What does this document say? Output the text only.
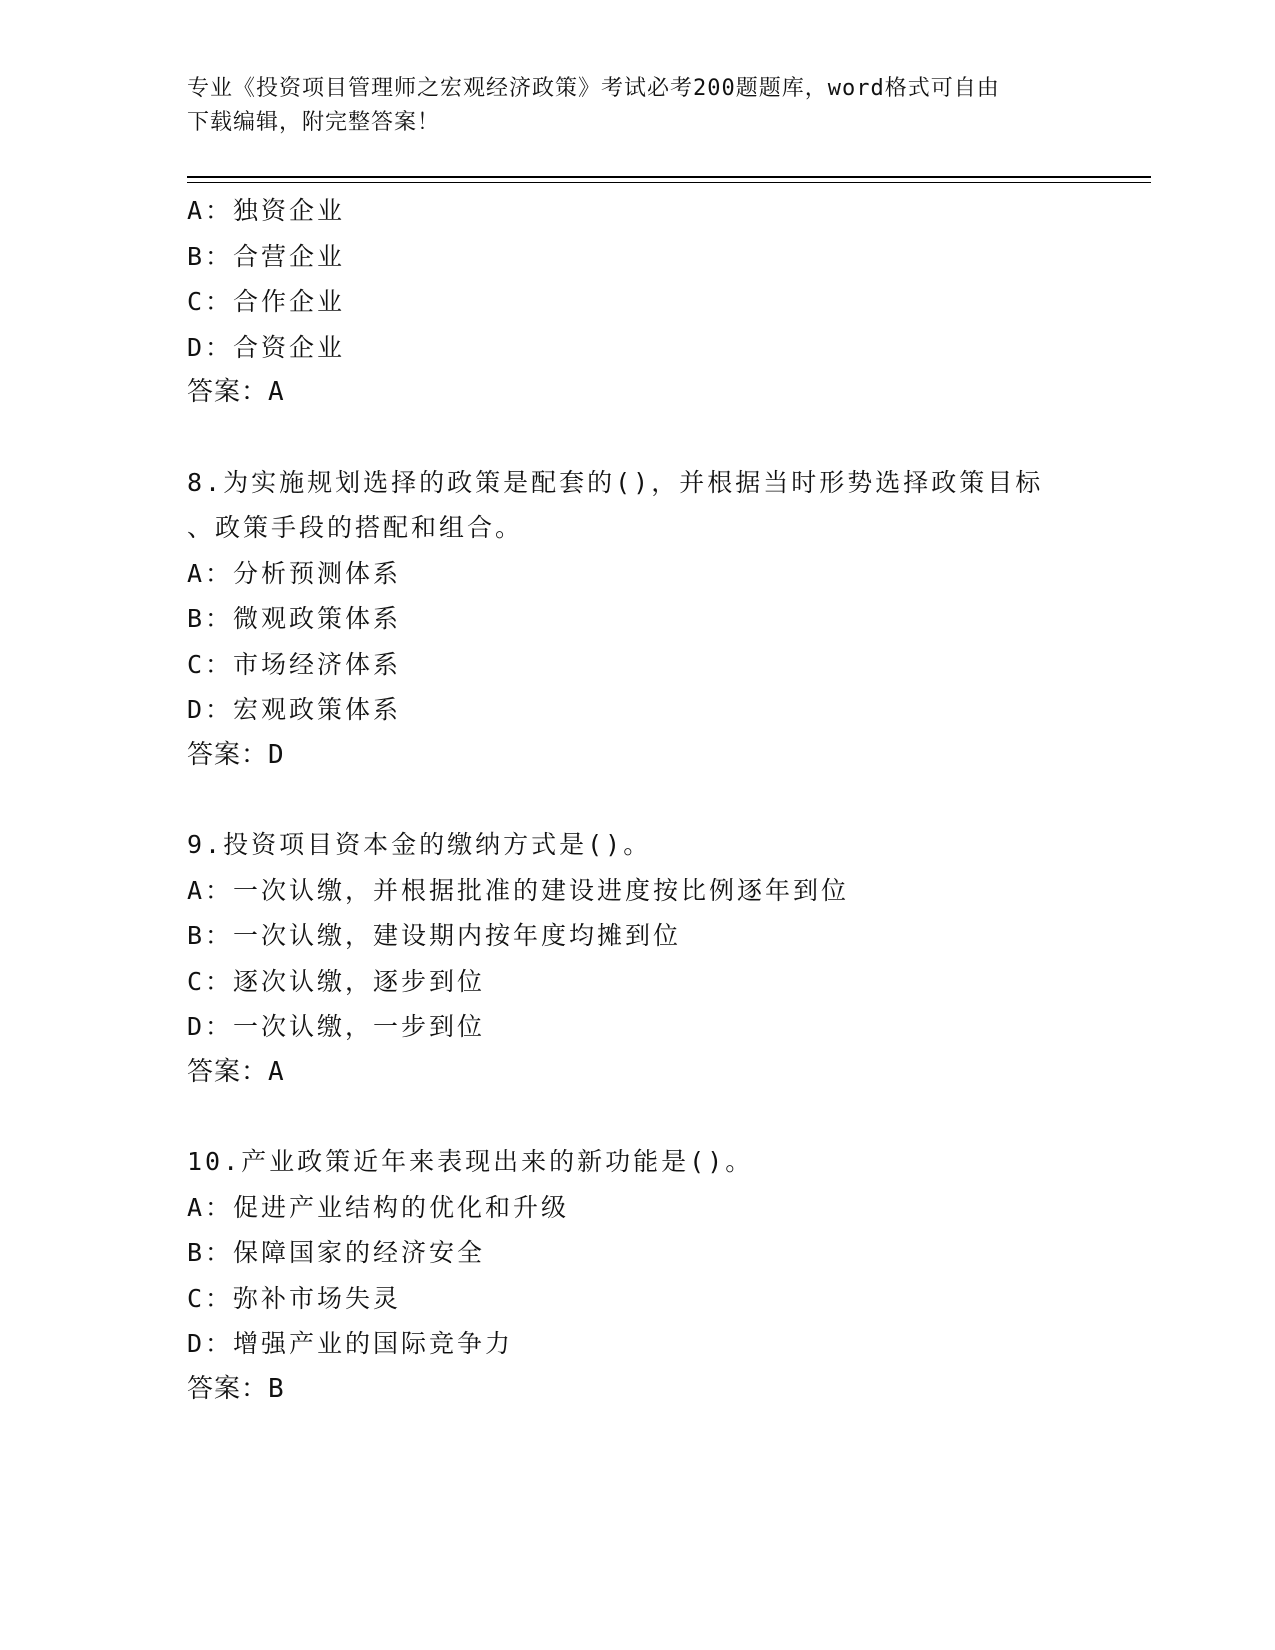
专业《投资项目管理师之宏观经济政策》考试必考200题题库，word格式可自由
下载编辑，附完整答案！
A：独资企业
B：合营企业
C：合作企业
D：合资企业
答案：A
8.为实施规划选择的政策是配套的()，并根据当时形势选择政策目标
、政策手段的搭配和组合。
A：分析预测体系
B：微观政策体系
C：市场经济体系
D：宏观政策体系
答案：D
9.投资项目资本金的缴纳方式是()。
A：一次认缴，并根据批准的建设进度按比例逐年到位
B：一次认缴，建设期内按年度均摊到位
C：逐次认缴，逐步到位
D：一次认缴，一步到位
答案：A
10.产业政策近年来表现出来的新功能是()。
A：促进产业结构的优化和升级
B：保障国家的经济安全
C：弥补市场失灵
D：增强产业的国际竞争力
答案：B
